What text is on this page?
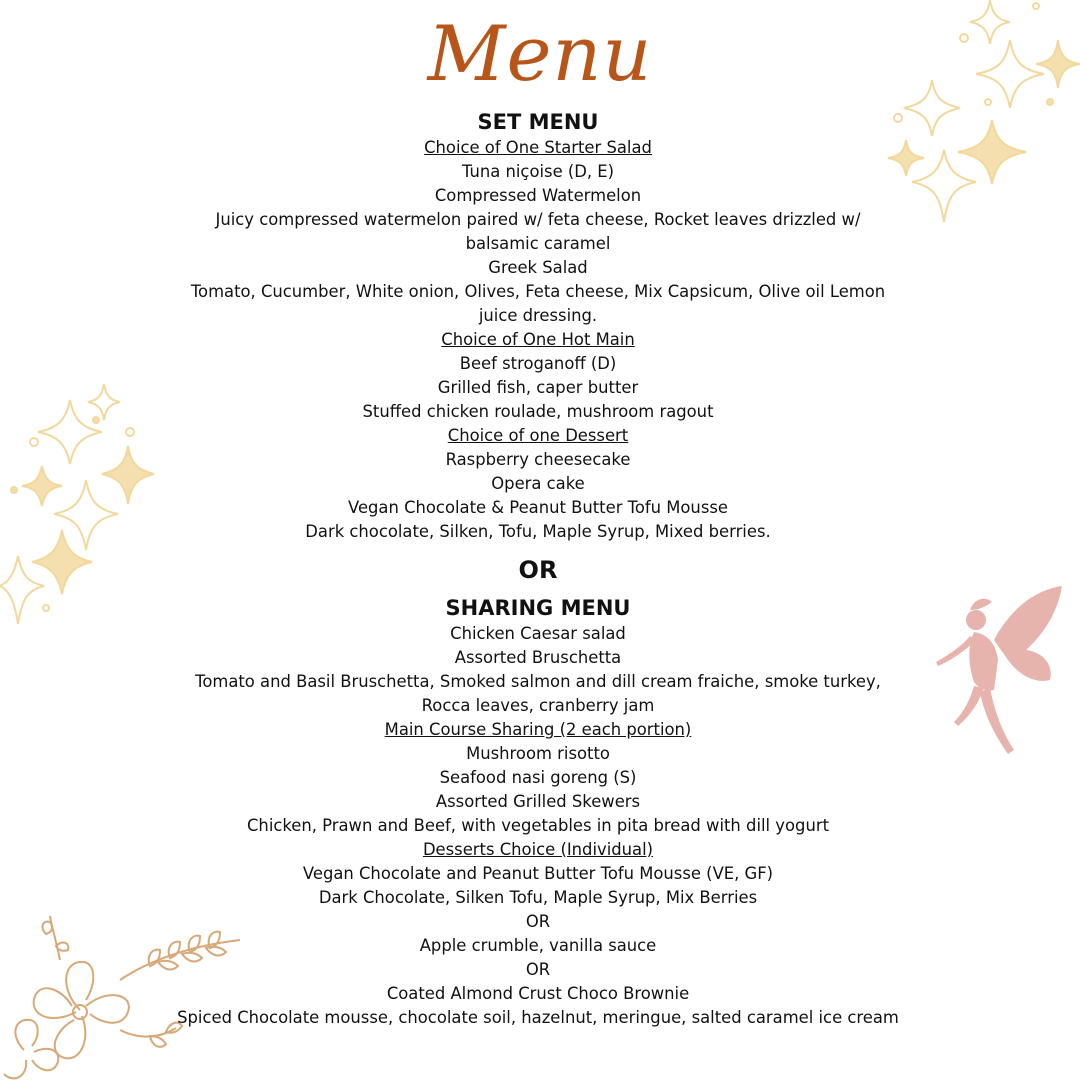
Menu
SET MENU
Choice of One Starter Salad
Tuna niçoise (D, E)
Compressed Watermelon
Juicy compressed watermelon paired w/ feta cheese, Rocket leaves drizzled w/
balsamic caramel
Greek Salad
Tomato, Cucumber, White onion, Olives, Feta cheese, Mix Capsicum, Olive oil Lemon
juice dressing.
Choice of One Hot Main
Beef stroganoff (D)
Grilled fish, caper butter
Stuffed chicken roulade, mushroom ragout
Choice of one Dessert
Raspberry cheesecake
Opera cake
Vegan Chocolate & Peanut Butter Tofu Mousse
Dark chocolate, Silken, Tofu, Maple Syrup, Mixed berries.
OR
SHARING MENU
Chicken Caesar salad
Assorted Bruschetta
Tomato and Basil Bruschetta, Smoked salmon and dill cream fraiche, smoke turkey,
Rocca leaves, cranberry jam
Main Course Sharing (2 each portion)
Mushroom risotto
Seafood nasi goreng (S)
Assorted Grilled Skewers
Chicken, Prawn and Beef, with vegetables in pita bread with dill yogurt
Desserts Choice (Individual)
Vegan Chocolate and Peanut Butter Tofu Mousse (VE, GF)
Dark Chocolate, Silken Tofu, Maple Syrup, Mix Berries
OR
Apple crumble, vanilla sauce
OR
Coated Almond Crust Choco Brownie
Spiced Chocolate mousse, chocolate soil, hazelnut, meringue, salted caramel ice cream
